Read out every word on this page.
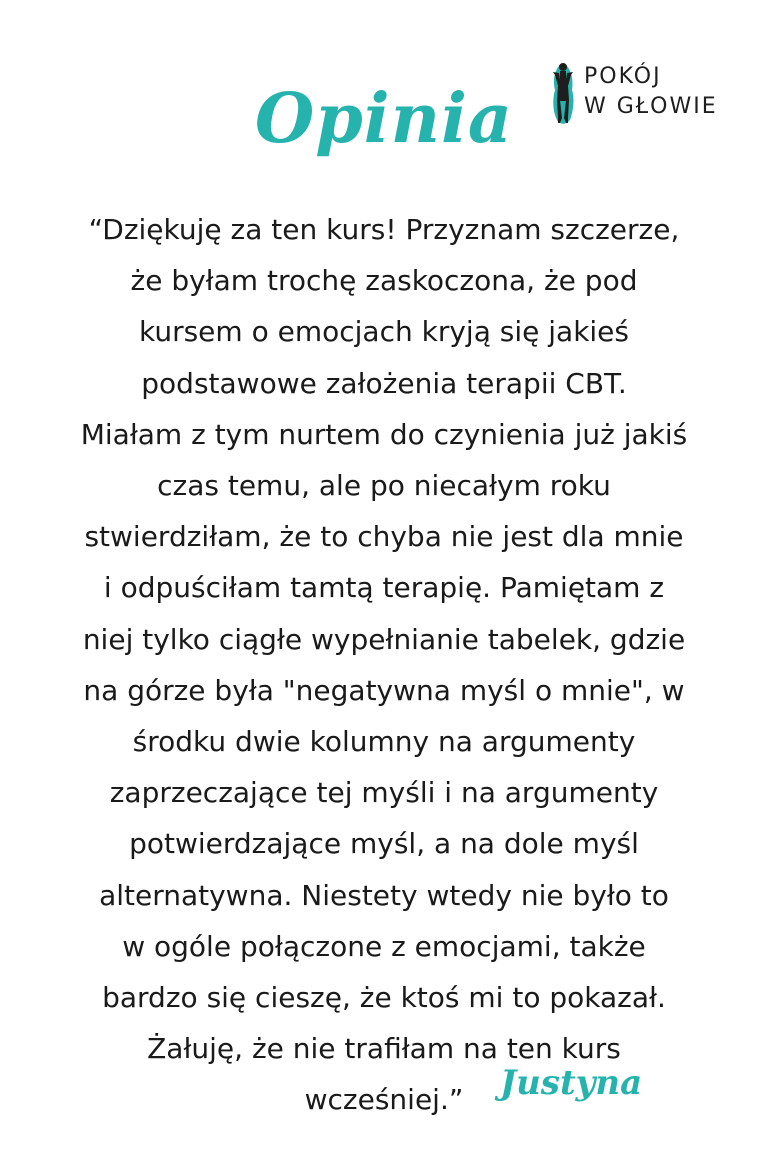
Opinia
POKÓJ
W GŁOWIE

“Dziękuję za ten kurs! Przyznam szczerze,
że byłam trochę zaskoczona, że pod
kursem o emocjach kryją się jakieś
podstawowe założenia terapii CBT.
Miałam z tym nurtem do czynienia już jakiś
czas temu, ale po niecałym roku
stwierdziłam, że to chyba nie jest dla mnie
i odpuściłam tamtą terapię. Pamiętam z
niej tylko ciągłe wypełnianie tabelek, gdzie
na górze była "negatywna myśl o mnie", w
środku dwie kolumny na argumenty
zaprzeczające tej myśli i na argumenty
potwierdzające myśl, a na dole myśl
alternatywna. Niestety wtedy nie było to
w ogóle połączone z emocjami, także
bardzo się cieszę, że ktoś mi to pokazał.
Żałuję, że nie trafiłam na ten kurs
wcześniej.”	Justyna
